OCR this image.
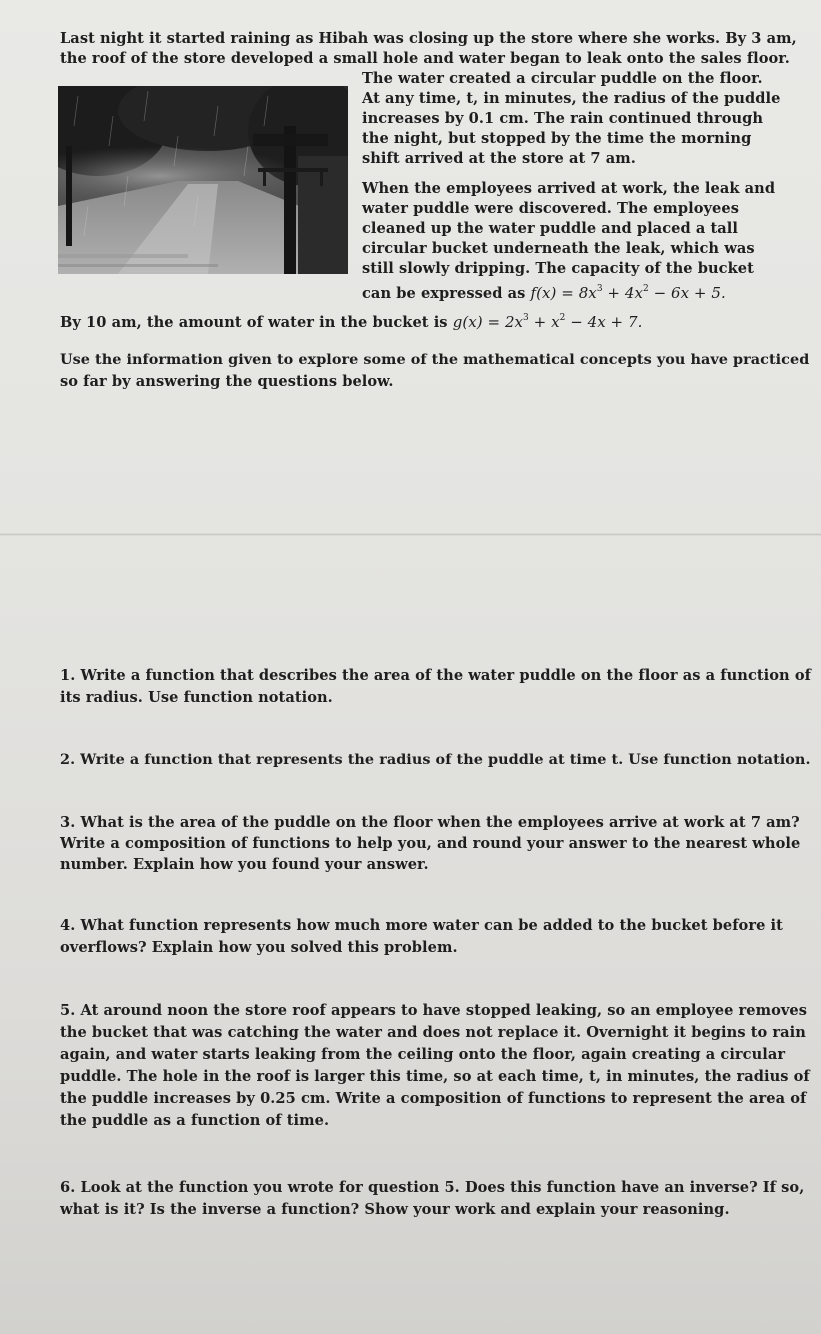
Last night it started raining as Hibah was closing up the store where she works. By 3 am,
the roof of the store developed a small hole and water began to leak onto the sales floor.
The water created a circular puddle on the floor.
At any time, t, in minutes, the radius of the puddle
increases by 0.1 cm. The rain continued through
the night, but stopped by the time the morning
shift arrived at the store at 7 am.
When the employees arrived at work, the leak and
water puddle were discovered. The employees
cleaned up the water puddle and placed a tall
circular bucket underneath the leak, which was
still slowly dripping. The capacity of the bucket
can be expressed as $f(x) = 8x^3 + 4x^2 - 6x + 5$.
By 10 am, the amount of water in the bucket is $g(x) = 2x^3 + x^2 - 4x + 7$.
Use the information given to explore some of the mathematical concepts you have practiced
so far by answering the questions below.
1. Write a function that describes the area of the water puddle on the floor as a function of
its radius. Use function notation.
2. Write a function that represents the radius of the puddle at time t. Use function notation.
3. What is the area of the puddle on the floor when the employees arrive at work at 7 am?
Write a composition of functions to help you, and round your answer to the nearest whole
number. Explain how you found your answer.
4. What function represents how much more water can be added to the bucket before it
overflows? Explain how you solved this problem.
5. At around noon the store roof appears to have stopped leaking, so an employee removes
the bucket that was catching the water and does not replace it. Overnight it begins to rain
again, and water starts leaking from the ceiling onto the floor, again creating a circular
puddle. The hole in the roof is larger this time, so at each time, t, in minutes, the radius of
the puddle increases by 0.25 cm. Write a composition of functions to represent the area of
the puddle as a function of time.
6. Look at the function you wrote for question 5. Does this function have an inverse? If so,
what is it? Is the inverse a function? Show your work and explain your reasoning.
